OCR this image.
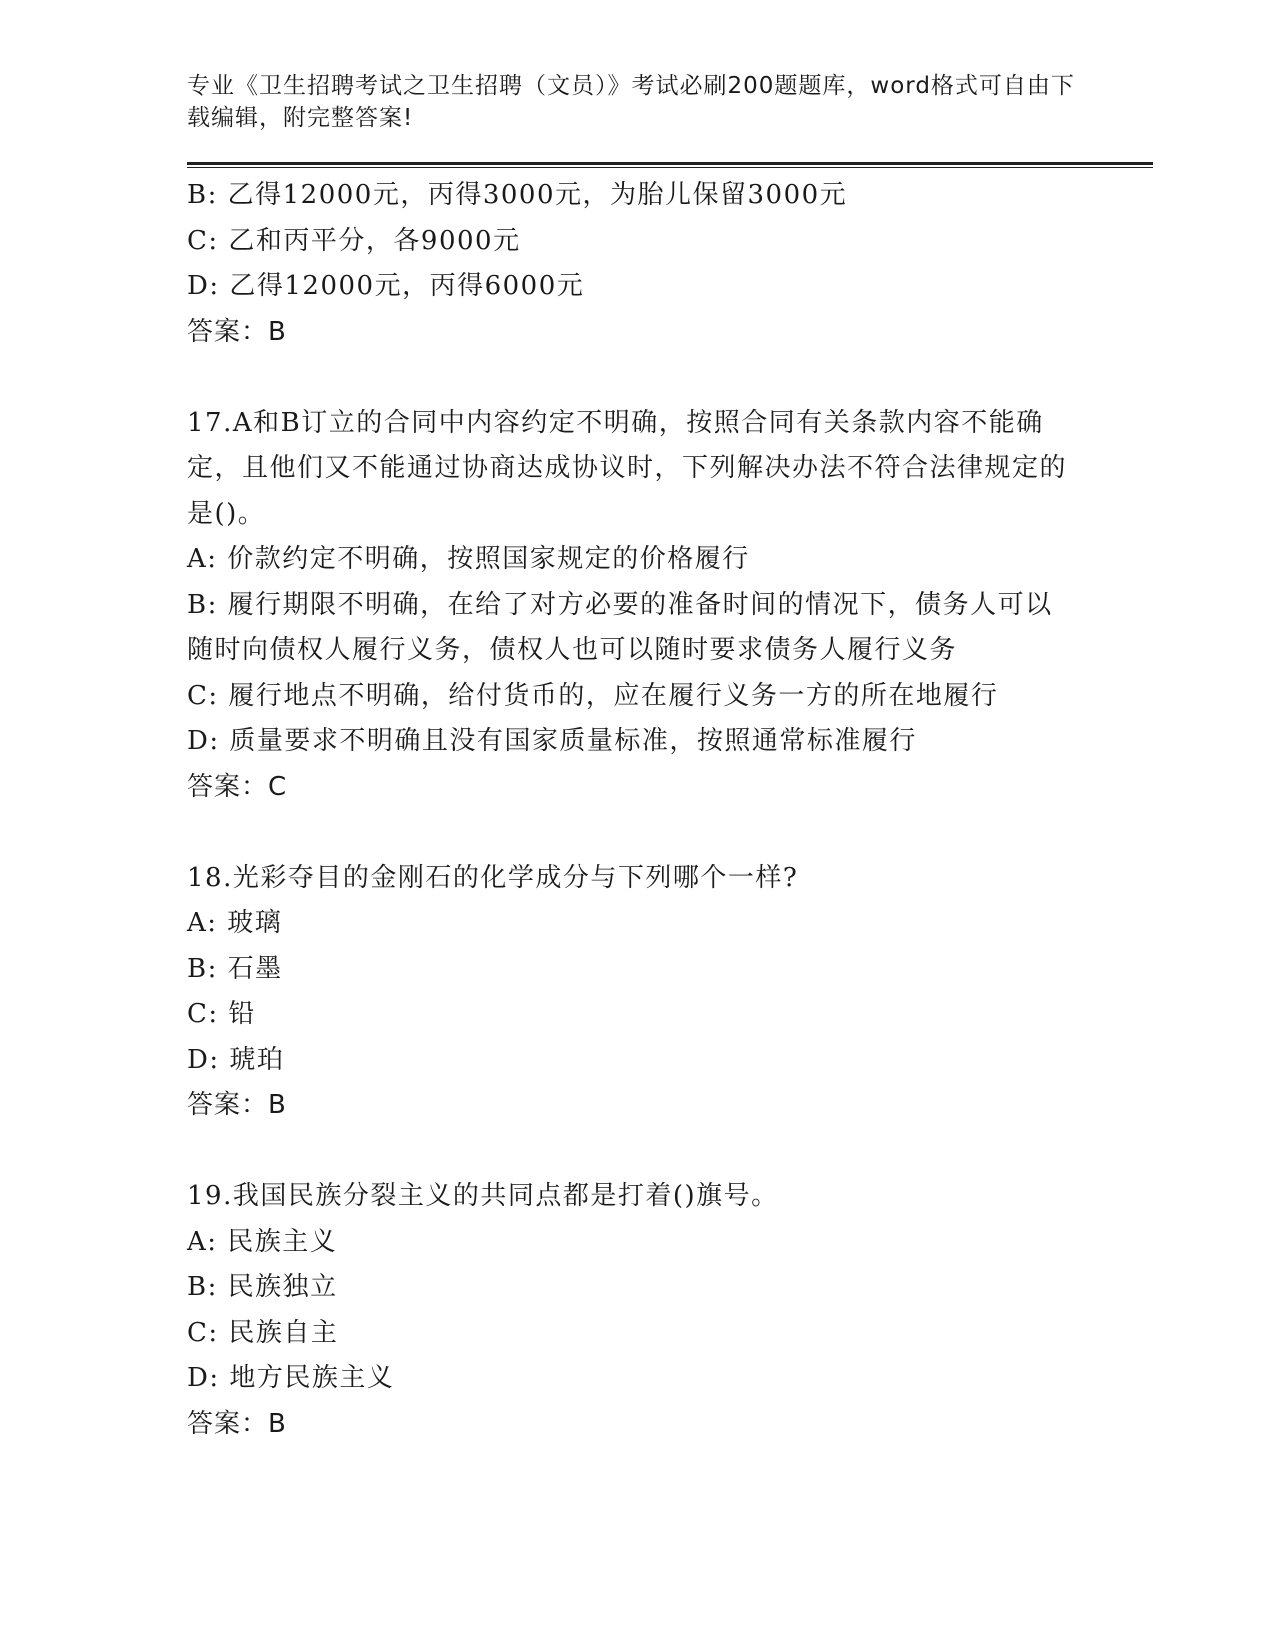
专业《卫生招聘考试之卫生招聘（文员）》考试必刷200题题库，word格式可自由下载编辑，附完整答案!
B: 乙得12000元，丙得3000元，为胎儿保留3000元
C: 乙和丙平分，各9000元
D: 乙得12000元，丙得6000元
答案：B
17.A和B订立的合同中内容约定不明确，按照合同有关条款内容不能确定，且他们又不能通过协商达成协议时，下列解决办法不符合法律规定的是()。
A: 价款约定不明确，按照国家规定的价格履行
B: 履行期限不明确，在给了对方必要的准备时间的情况下，债务人可以随时向债权人履行义务，债权人也可以随时要求债务人履行义务
C: 履行地点不明确，给付货币的，应在履行义务一方的所在地履行
D: 质量要求不明确且没有国家质量标准，按照通常标准履行
答案：C
18.光彩夺目的金刚石的化学成分与下列哪个一样?
A: 玻璃
B: 石墨
C: 铅
D: 琥珀
答案：B
19.我国民族分裂主义的共同点都是打着()旗号。
A: 民族主义
B: 民族独立
C: 民族自主
D: 地方民族主义
答案：B
